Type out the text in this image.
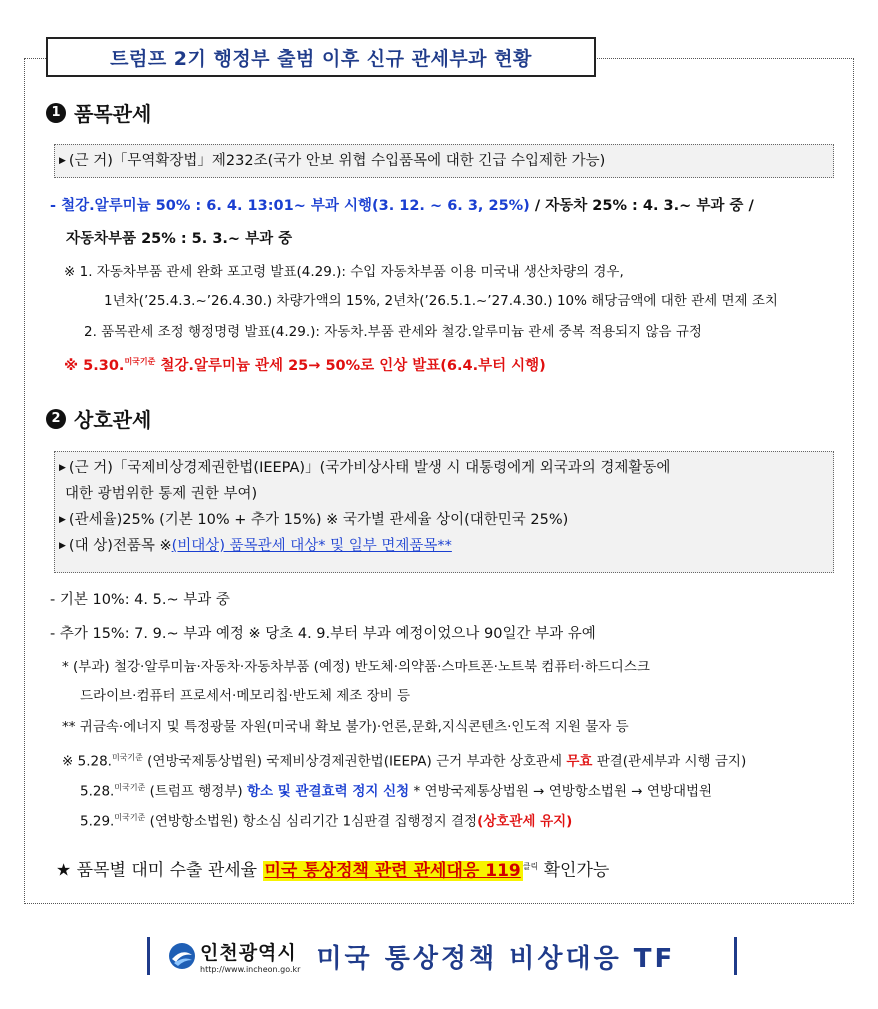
트럼프 2기 행정부 출범 이후 신규 관세부과 현황
1 품목관세
▶ (근 거) 「무역확장법」제232조(국가 안보 위협 수입품목에 대한 긴급 수입제한 가능)
- 철강.알루미늄 50% : 6. 4. 13:01~ 부과 시행(3. 12. ~ 6. 3, 25%) / 자동차 25% : 4. 3.~ 부과 중 /
자동차부품 25% : 5. 3.~ 부과 중
※ 1. 자동차부품 관세 완화 포고령 발표(4.29.): 수입 자동차부품 이용 미국내 생산차량의 경우,
1년차(’25.4.3.~’26.4.30.) 차량가액의 15%, 2년차(’26.5.1.~’27.4.30.) 10% 해당금액에 대한 관세 면제 조치
2. 품목관세 조정 행정명령 발표(4.29.): 자동차.부품 관세와 철강.알루미늄 관세 중복 적용되지 않음 규정
※ 5.30.$^{미국기준}$ 철강.알루미늄 관세 25→ 50%로 인상 발표(6.4.부터 시행)
2 상호관세
▶ (근 거) 「국제비상경제권한법(IEEPA)」(국가비상사태 발생 시 대통령에게 외국과의 경제활동에
대한 광범위한 통제 권한 부여)
▶ (관세율) 25% (기본 10% + 추가 15%) ※ 국가별 관세율 상이(대한민국 25%)
▶ (대 상) 전품목 ※ (비대상) 품목관세 대상* 및 일부 면제품목**
- 기본 10%: 4. 5.~ 부과 중
- 추가 15%: 7. 9.~ 부과 예정 ※ 당초 4. 9.부터 부과 예정이었으나 90일간 부과 유예
* (부과) 철강·알루미늄·자동차·자동차부품 (예정) 반도체·의약품·스마트폰·노트북 컴퓨터·하드디스크
드라이브·컴퓨터 프로세서·메모리칩·반도체 제조 장비 등
** 귀금속·에너지 및 특정광물 자원(미국내 확보 불가)·언론,문화,지식콘텐츠·인도적 지원 물자 등
※ 5.28.$^{미국기준}$ (연방국제통상법원) 국제비상경제권한법(IEEPA) 근거 부과한 상호관세 무효 판결(관세부과 시행 금지)
5.28.$^{미국기준}$ (트럼프 행정부) 항소 및 관결효력 정지 신청 * 연방국제통상법원 → 연방항소법원 → 연방대법원
5.29.$^{미국기준}$ (연방항소법원) 항소심 심리기간 1심판결 집행정지 결정(상호관세 유지)
★ 품목별 대미 수출 관세율 미국 통상정책 관련 관세대응 119 $^{클릭}$ 확인가능
인천광역시
http://www.incheon.go.kr 미국 통상정책 비상대응 TF
